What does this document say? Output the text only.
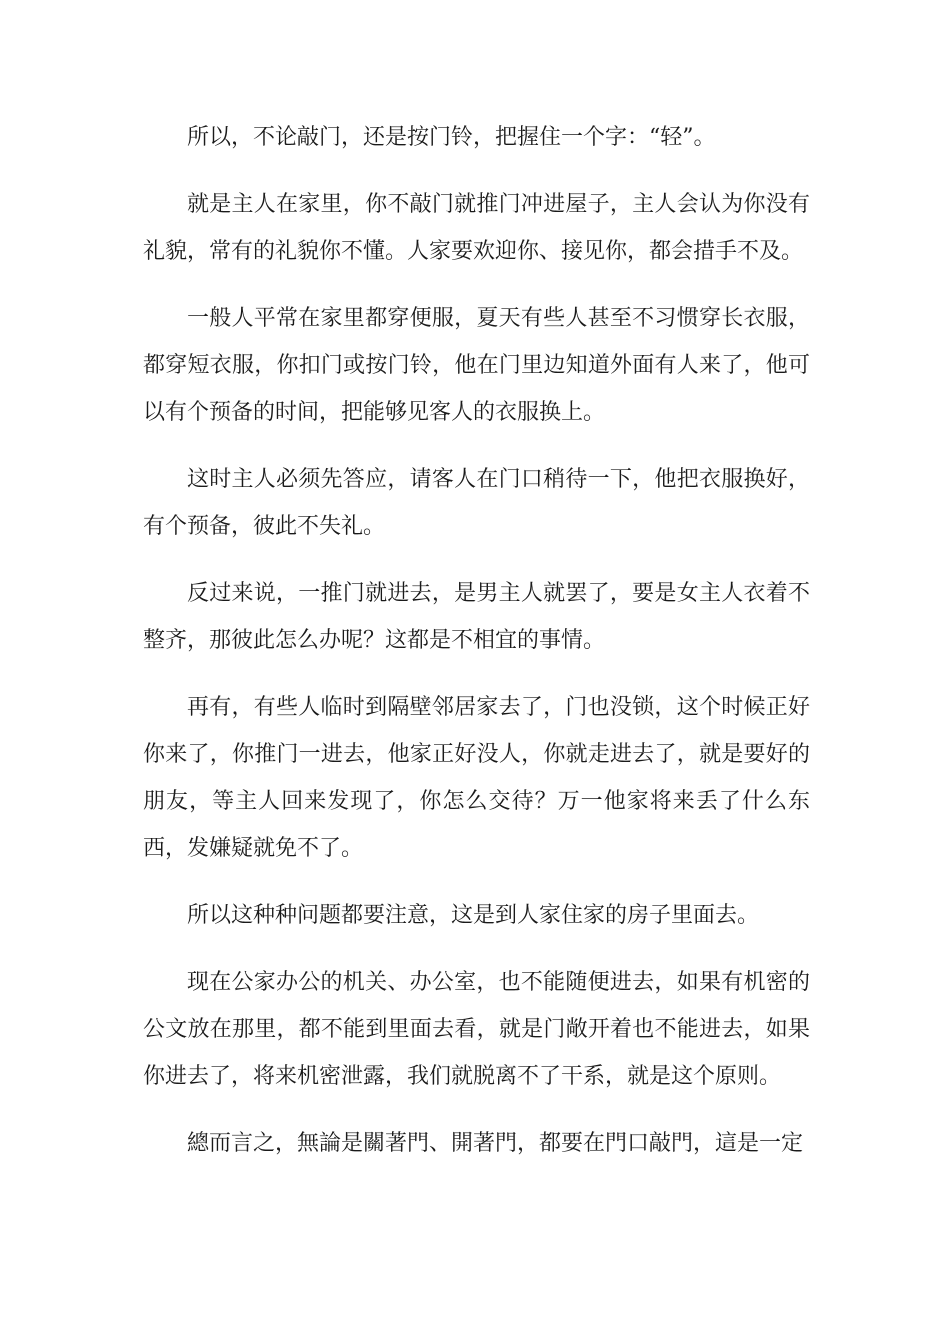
所以，不论敲门，还是按门铃，把握住一个字：“轻”。

就是主人在家里，你不敲门就推门冲进屋子，主人会认为你没有礼貌，常有的礼貌你不懂。人家要欢迎你、接见你，都会措手不及。

一般人平常在家里都穿便服，夏天有些人甚至不习惯穿长衣服，都穿短衣服，你扣门或按门铃，他在门里边知道外面有人来了，他可以有个预备的时间，把能够见客人的衣服换上。

这时主人必须先答应，请客人在门口稍待一下，他把衣服换好，有个预备，彼此不失礼。

反过来说，一推门就进去，是男主人就罢了，要是女主人衣着不整齐，那彼此怎么办呢？这都是不相宜的事情。

再有，有些人临时到隔壁邻居家去了，门也没锁，这个时候正好你来了，你推门一进去，他家正好没人，你就走进去了，就是要好的朋友，等主人回来发现了，你怎么交待？万一他家将来丢了什么东西，发嫌疑就免不了。

所以这种种问题都要注意，这是到人家住家的房子里面去。

现在公家办公的机关、办公室，也不能随便进去，如果有机密的公文放在那里，都不能到里面去看，就是门敞开着也不能进去，如果你进去了，将来机密泄露，我们就脱离不了干系，就是这个原则。

總而言之，無論是關著門、開著門，都要在門口敲門，這是一定
